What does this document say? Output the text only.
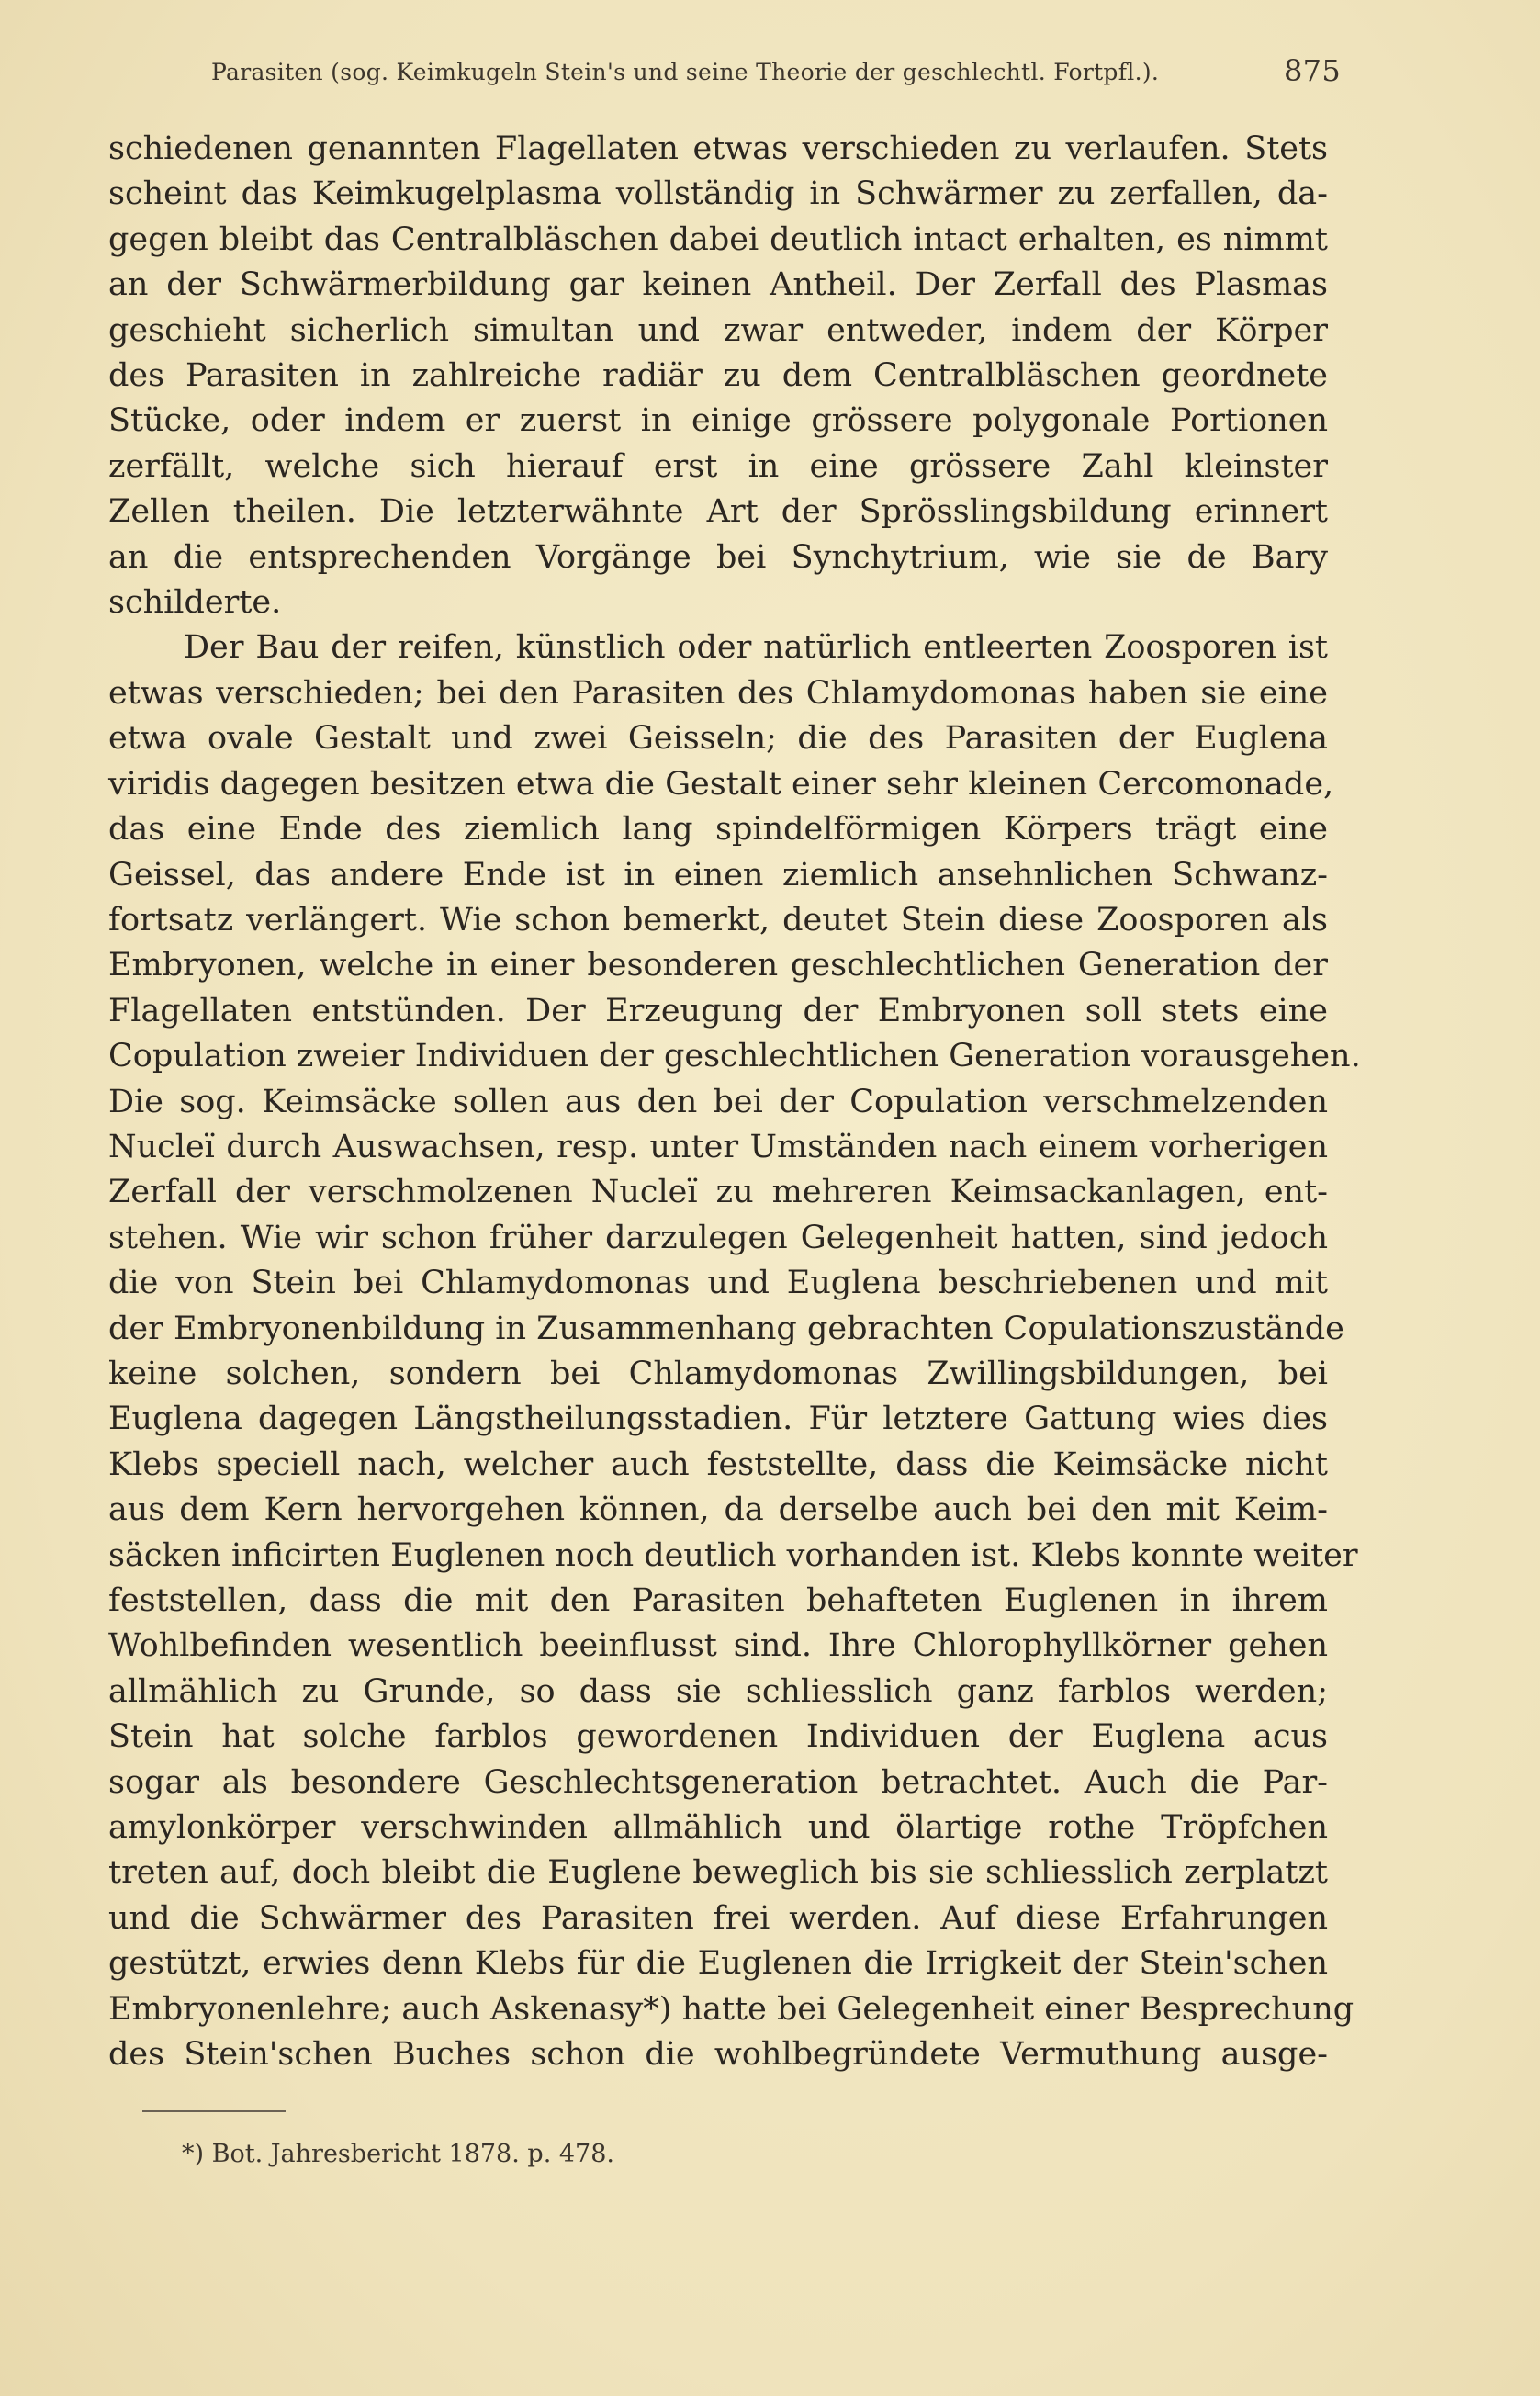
Parasiten (sog. Keimkugeln Stein's und seine Theorie der geschlechtl. Fortpfl.).	875

schiedenen genannten Flagellaten etwas verschieden zu verlaufen. Stets

scheint das Keimkugelplasma vollständig in Schwärmer zu zerfallen, da-

gegen bleibt das Centralbläschen dabei deutlich intact erhalten, es nimmt

an der Schwärmerbildung gar keinen Antheil. Der Zerfall des Plasmas

geschieht sicherlich simultan und zwar entweder, indem der Körper

des Parasiten in zahlreiche radiär zu dem Centralbläschen geordnete

Stücke, oder indem er zuerst in einige grössere polygonale Portionen

zerfällt, welche sich hierauf erst in eine grössere Zahl kleinster

Zellen theilen. Die letzterwähnte Art der Sprösslingsbildung erinnert

an die entsprechenden Vorgänge bei Synchytrium, wie sie de Bary

schilderte.

Der Bau der reifen, künstlich oder natürlich entleerten Zoosporen ist

etwas verschieden; bei den Parasiten des Chlamydomonas haben sie eine

etwa ovale Gestalt und zwei Geisseln; die des Parasiten der Euglena

viridis dagegen besitzen etwa die Gestalt einer sehr kleinen Cercomonade,

das eine Ende des ziemlich lang spindelförmigen Körpers trägt eine

Geissel, das andere Ende ist in einen ziemlich ansehnlichen Schwanz-

fortsatz verlängert. Wie schon bemerkt, deutet Stein diese Zoosporen als

Embryonen, welche in einer besonderen geschlechtlichen Generation der

Flagellaten entstünden. Der Erzeugung der Embryonen soll stets eine

Copulation zweier Individuen der geschlechtlichen Generation vorausgehen.

Die sog. Keimsäcke sollen aus den bei der Copulation verschmelzenden

Nucleï durch Auswachsen, resp. unter Umständen nach einem vorherigen

Zerfall der verschmolzenen Nucleï zu mehreren Keimsackanlagen, ent-

stehen. Wie wir schon früher darzulegen Gelegenheit hatten, sind jedoch

die von Stein bei Chlamydomonas und Euglena beschriebenen und mit

der Embryonenbildung in Zusammenhang gebrachten Copulationszustände

keine solchen, sondern bei Chlamydomonas Zwillingsbildungen, bei

Euglena dagegen Längstheilungsstadien. Für letztere Gattung wies dies

Klebs speciell nach, welcher auch feststellte, dass die Keimsäcke nicht

aus dem Kern hervorgehen können, da derselbe auch bei den mit Keim-

säcken inficirten Euglenen noch deutlich vorhanden ist. Klebs konnte weiter

feststellen, dass die mit den Parasiten behafteten Euglenen in ihrem

Wohlbefinden wesentlich beeinflusst sind. Ihre Chlorophyllkörner gehen

allmählich zu Grunde, so dass sie schliesslich ganz farblos werden;

Stein hat solche farblos gewordenen Individuen der Euglena acus

sogar als besondere Geschlechtsgeneration betrachtet. Auch die Par-

amylonkörper verschwinden allmählich und ölartige rothe Tröpfchen

treten auf, doch bleibt die Euglene beweglich bis sie schliesslich zerplatzt

und die Schwärmer des Parasiten frei werden. Auf diese Erfahrungen

gestützt, erwies denn Klebs für die Euglenen die Irrigkeit der Stein'schen

Embryonenlehre; auch Askenasy*) hatte bei Gelegenheit einer Besprechung

des Stein'schen Buches schon die wohlbegründete Vermuthung ausge-

*) Bot. Jahresbericht 1878. p. 478.
